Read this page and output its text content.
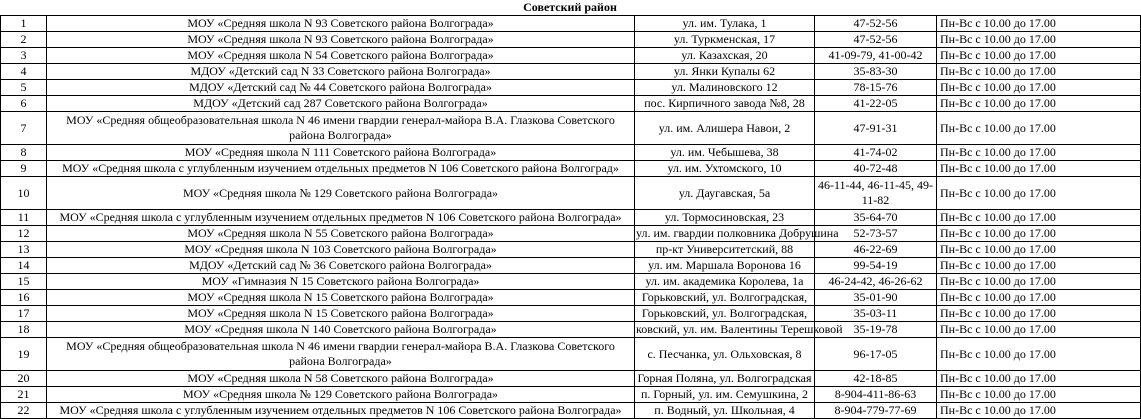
Советский район
1	МОУ «Средняя школа N 93 Советского района Волгограда»	ул. им. Тулака, 1	47-52-56	Пн-Вс с 10.00 до 17.00
2	МОУ «Средняя школа N 93 Советского района Волгограда»	ул. Туркменская, 17	47-52-56	Пн-Вс с 10.00 до 17.00
3	МОУ «Средняя школа N 54 Советского района Волгограда»	ул. Казахская, 20	41-09-79, 41-00-42	Пн-Вс с 10.00 до 17.00
4	МДОУ «Детский сад N 33 Советского района Волгограда»	ул. Янки Купалы 62	35-83-30	Пн-Вс с 10.00 до 17.00
5	МДОУ «Детский сад № 44 Советского района Волгограда»	ул. Малиновского 12	78-15-76	Пн-Вс с 10.00 до 17.00
6	МДОУ «Детский сад 287 Советского района Волгограда»	пос. Кирпичного завода №8, 28	41-22-05	Пн-Вс с 10.00 до 17.00
7	МОУ «Средняя общеобразовательная школа N 46 имени гвардии генерал-майора В.А. Глазкова Советского района Волгограда»	ул. им. Алишера Навои, 2	47-91-31	Пн-Вс с 10.00 до 17.00
8	МОУ «Средняя школа N 111 Советского района Волгограда»	ул. им. Чебышева, 38	41-74-02	Пн-Вс с 10.00 до 17.00
9	МОУ «Средняя школа с углубленным изучением отдельных предметов N 106 Советского района Волгоград»	ул. им. Ухтомского, 10	40-72-48	Пн-Вс с 10.00 до 17.00
10	МОУ «Средняя школа № 129 Советского района Волгограда»	ул. Даугавская, 5а	46-11-44, 46-11-45, 49-11-82	Пн-Вс с 10.00 до 17.00
11	МОУ «Средняя школа с углубленным изучением отдельных предметов N 106 Советского района Волгограда»	ул. Тормосиновская, 23	35-64-70	Пн-Вс с 10.00 до 17.00
12	МОУ «Средняя школа N 55 Советского района Волгограда»	ул. им. гвардии полковника Добрушина	52-73-57	Пн-Вс с 10.00 до 17.00
13	МОУ «Средняя школа N 103 Советского района Волгограда»	пр-кт Университетский, 88	46-22-69	Пн-Вс с 10.00 до 17.00
14	МДОУ «Детский сад № 36 Советского района Волгограда»	ул. им. Маршала Воронова 16	99-54-19	Пн-Вс с 10.00 до 17.00
15	МОУ «Гимназия N 15 Советского района Волгограда»	ул. им. академика Королева, 1а	46-24-42, 46-26-62	Пн-Вс с 10.00 до 17.00
16	МОУ «Средняя школа N 15 Советского района Волгограда»	Горьковский, ул. Волгоградская,	35-01-90	Пн-Вс с 10.00 до 17.00
17	МОУ «Средняя школа N 15 Советского района Волгограда»	Горьковский, ул. Волгоградская,	35-03-11	Пн-Вс с 10.00 до 17.00
18	МОУ «Средняя школа N 140 Советского района Волгограда»	ковский, ул. им. Валентины Терешковой	35-19-78	Пн-Вс с 10.00 до 17.00
19	МОУ «Средняя общеобразовательная школа N 46 имени гвардии генерал-майора В.А. Глазкова Советского района Волгограда»	с. Песчанка, ул. Ольховская, 8	96-17-05	Пн-Вс с 10.00 до 17.00
20	МОУ «Средняя школа N 58 Советского района Волгограда»	Горная Поляна, ул. Волгоградская	42-18-85	Пн-Вс с 10.00 до 17.00
21	МОУ «Средняя школа № 129 Советского района Волгограда»	п. Горный, ул. им. Семушкина, 2	8-904-411-86-63	Пн-Вс с 10.00 до 17.00
22	МОУ «Средняя школа с углубленным изучением отдельных предметов N 106 Советского района Волгограда»	п. Водный, ул. Школьная, 4	8-904-779-77-69	Пн-Вс с 10.00 до 17.00
